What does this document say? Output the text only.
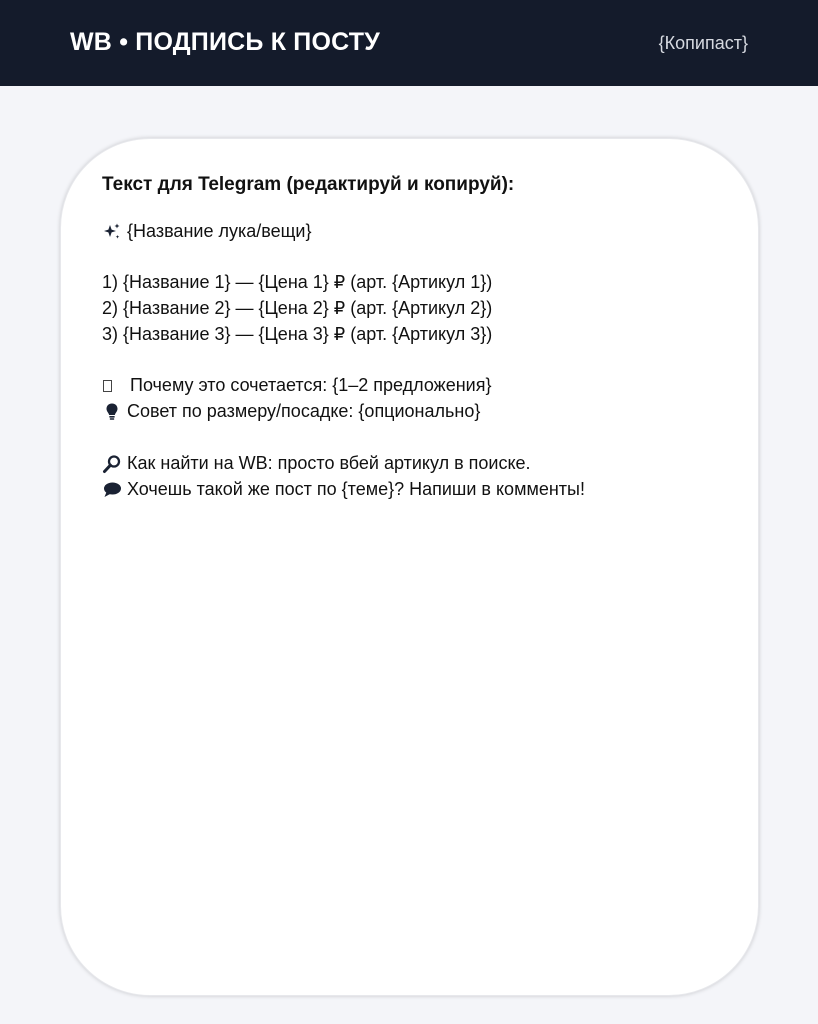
WB • ПОДПИСЬ К ПОСТУ	{Копипаст}
Текст для Telegram (редактируй и копируй):
{Название лука/вещи}
1) {Название 1} — {Цена 1} ₽ (арт. {Артикул 1})
2) {Название 2} — {Цена 2} ₽ (арт. {Артикул 2})
3) {Название 3} — {Цена 3} ₽ (арт. {Артикул 3})
Почему это сочетается: {1–2 предложения}
Совет по размеру/посадке: {опционально}
Как найти на WB: просто вбей артикул в поиске.
Хочешь такой же пост по {теме}? Напиши в комменты!
